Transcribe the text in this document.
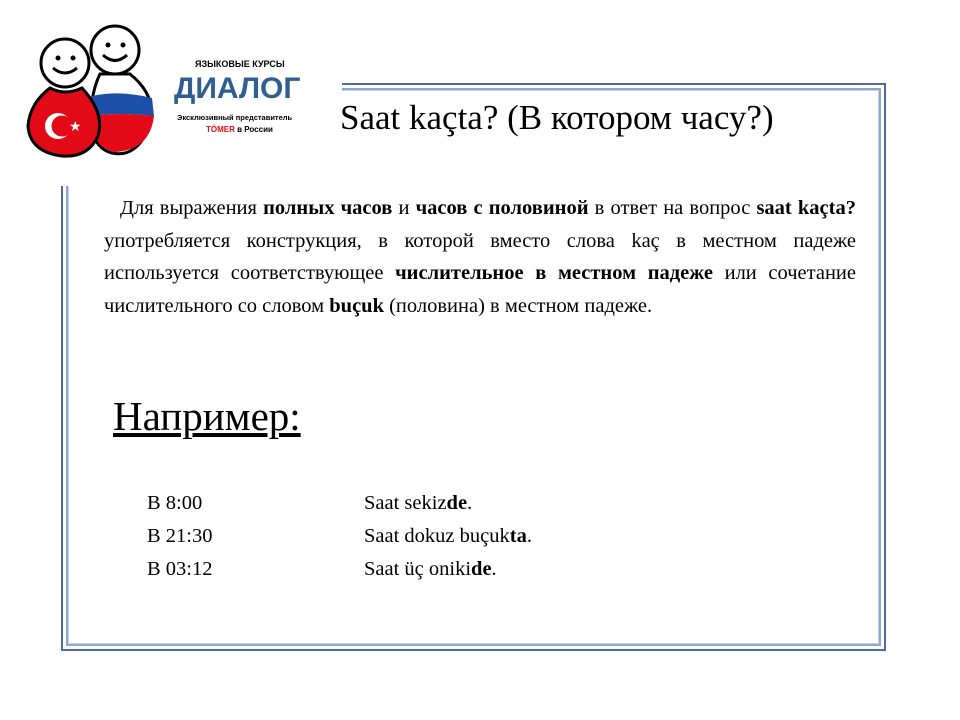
★
ЯЗЫКОВЫЕ КУРСЫ
ДИАЛОГ
Эксклюзивный представитель
TÖMER в России Saat kaçta? (В котором часу?)
Для выражения полных часов и часов с половиной в ответ на вопрос saat kaçta? употребляется конструкция, в которой вместо слова kaç в местном падеже используется соответствующее числительное в местном падеже или сочетание числительного со словом buçuk (половина) в местном падеже.
Например:
В 8:00	Saat sekizde.
В 21:30	Saat dokuz buçukta.
В 03:12	Saat üç onikide.
